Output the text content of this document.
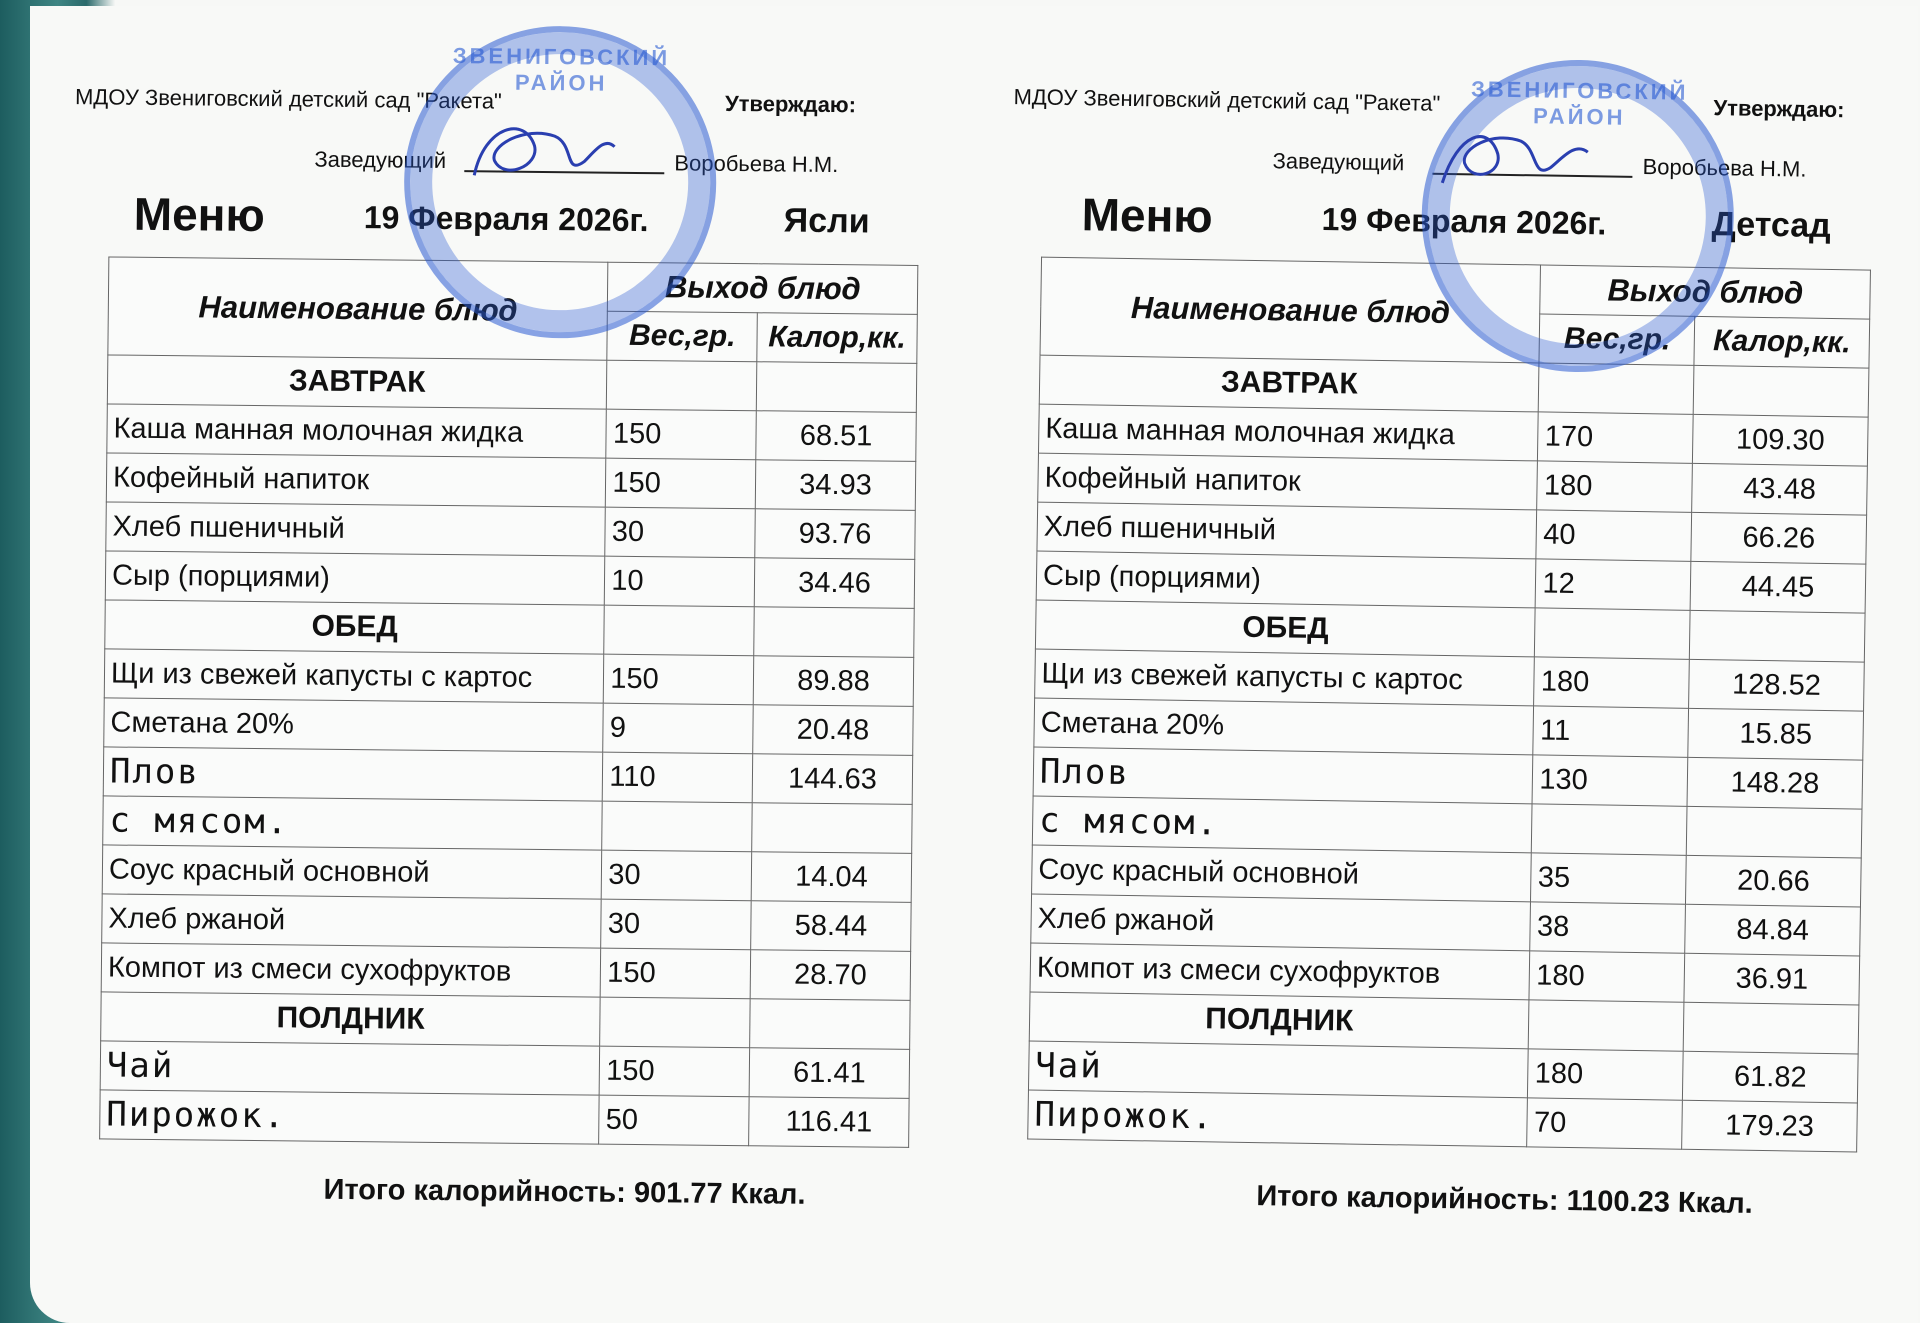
МДОУ Звениговский детский сад "Ракета"	Утверждаю:
Заведующий	Воробьева Н.М.
Меню	19 Февраля 2026г.	Ясли
Наименование блюд	Выход блюд	
	Вес,гр.	Калор,кк.
ЗАВТРАК		
Каша манная молочная жидка	150	68.51
Кофейный напиток	150	34.93
Хлеб пшеничный	30	93.76
Сыр (порциями)	10	34.46
ОБЕД		
Щи из свежей капусты с картос	150	89.88
Сметана 20%	9	20.48
Плов	110	144.63
с мясом.		
Соус красный основной	30	14.04
Хлеб ржаной	30	58.44
Компот из смеси сухофруктов	150	28.70
ПОЛДНИК		
Чай	150	61.41
Пирожок.	50	116.41
Итого калорийность: 901.77 Ккал.
ЗВЕНИГОВСКИЙ РАЙОН
МДОУ Звениговский детский сад "Ракета"	Утверждаю:
Заведующий	Воробьева Н.М.
Меню	19 Февраля 2026г.	Детсад
Наименование блюд	Выход блюд	
	Вес,гр.	Калор,кк.
ЗАВТРАК		
Каша манная молочная жидка	170	109.30
Кофейный напиток	180	43.48
Хлеб пшеничный	40	66.26
Сыр (порциями)	12	44.45
ОБЕД		
Щи из свежей капусты с картос	180	128.52
Сметана 20%	11	15.85
Плов	130	148.28
с мясом.		
Соус красный основной	35	20.66
Хлеб ржаной	38	84.84
Компот из смеси сухофруктов	180	36.91
ПОЛДНИК		
Чай	180	61.82
Пирожок.	70	179.23
Итого калорийность: 1100.23 Ккал.
ЗВЕНИГОВСКИЙ РАЙОН
